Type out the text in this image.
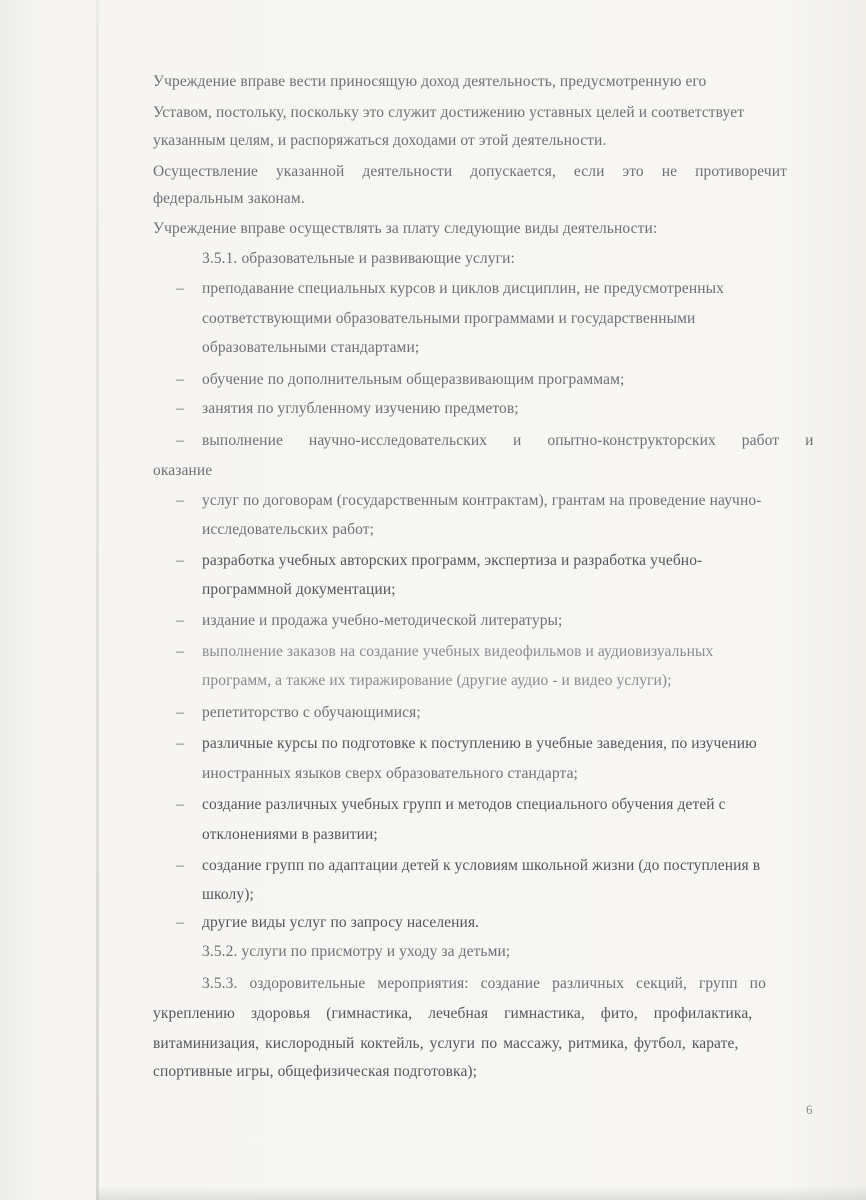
Учреждение вправе вести приносящую доход деятельность, предусмотренную его
Уставом, постольку, поскольку это служит достижению уставных целей и соответствует
указанным целям, и распоряжаться доходами от этой деятельности.
Осуществление указанной деятельности допускается, если это не противоречит
федеральным законам.
Учреждение вправе осуществлять за плату следующие виды деятельности:
3.5.1. образовательные и развивающие услуги:
– преподавание специальных курсов и циклов дисциплин, не предусмотренных
соответствующими образовательными программами и государственными
образовательными стандартами;
– обучение по дополнительным общеразвивающим программам;
– занятия по углубленному изучению предметов;
– выполнение научно-исследовательских и опытно-конструкторских работ и
оказание
– услуг по договорам (государственным контрактам), грантам на проведение научно-
исследовательских работ;
– разработка учебных авторских программ, экспертиза и разработка учебно-
программной документации;
– издание и продажа учебно-методической литературы;
– выполнение заказов на создание учебных видеофильмов и аудиовизуальных
программ, а также их тиражирование (другие аудио - и видео услуги);
– репетиторство с обучающимися;
– различные курсы по подготовке к поступлению в учебные заведения, по изучению
иностранных языков сверх образовательного стандарта;
– создание различных учебных групп и методов специального обучения детей с
отклонениями в развитии;
– создание групп по адаптации детей к условиям школьной жизни (до поступления в
школу);
– другие виды услуг по запросу населения.
3.5.2. услуги по присмотру и уходу за детьми;
3.5.3. оздоровительные мероприятия: создание различных секций, групп по
укреплению здоровья (гимнастика, лечебная гимнастика, фито, профилактика,
витаминизация, кислородный коктейль, услуги по массажу, ритмика, футбол, карате,
спортивные игры, общефизическая подготовка);
6
